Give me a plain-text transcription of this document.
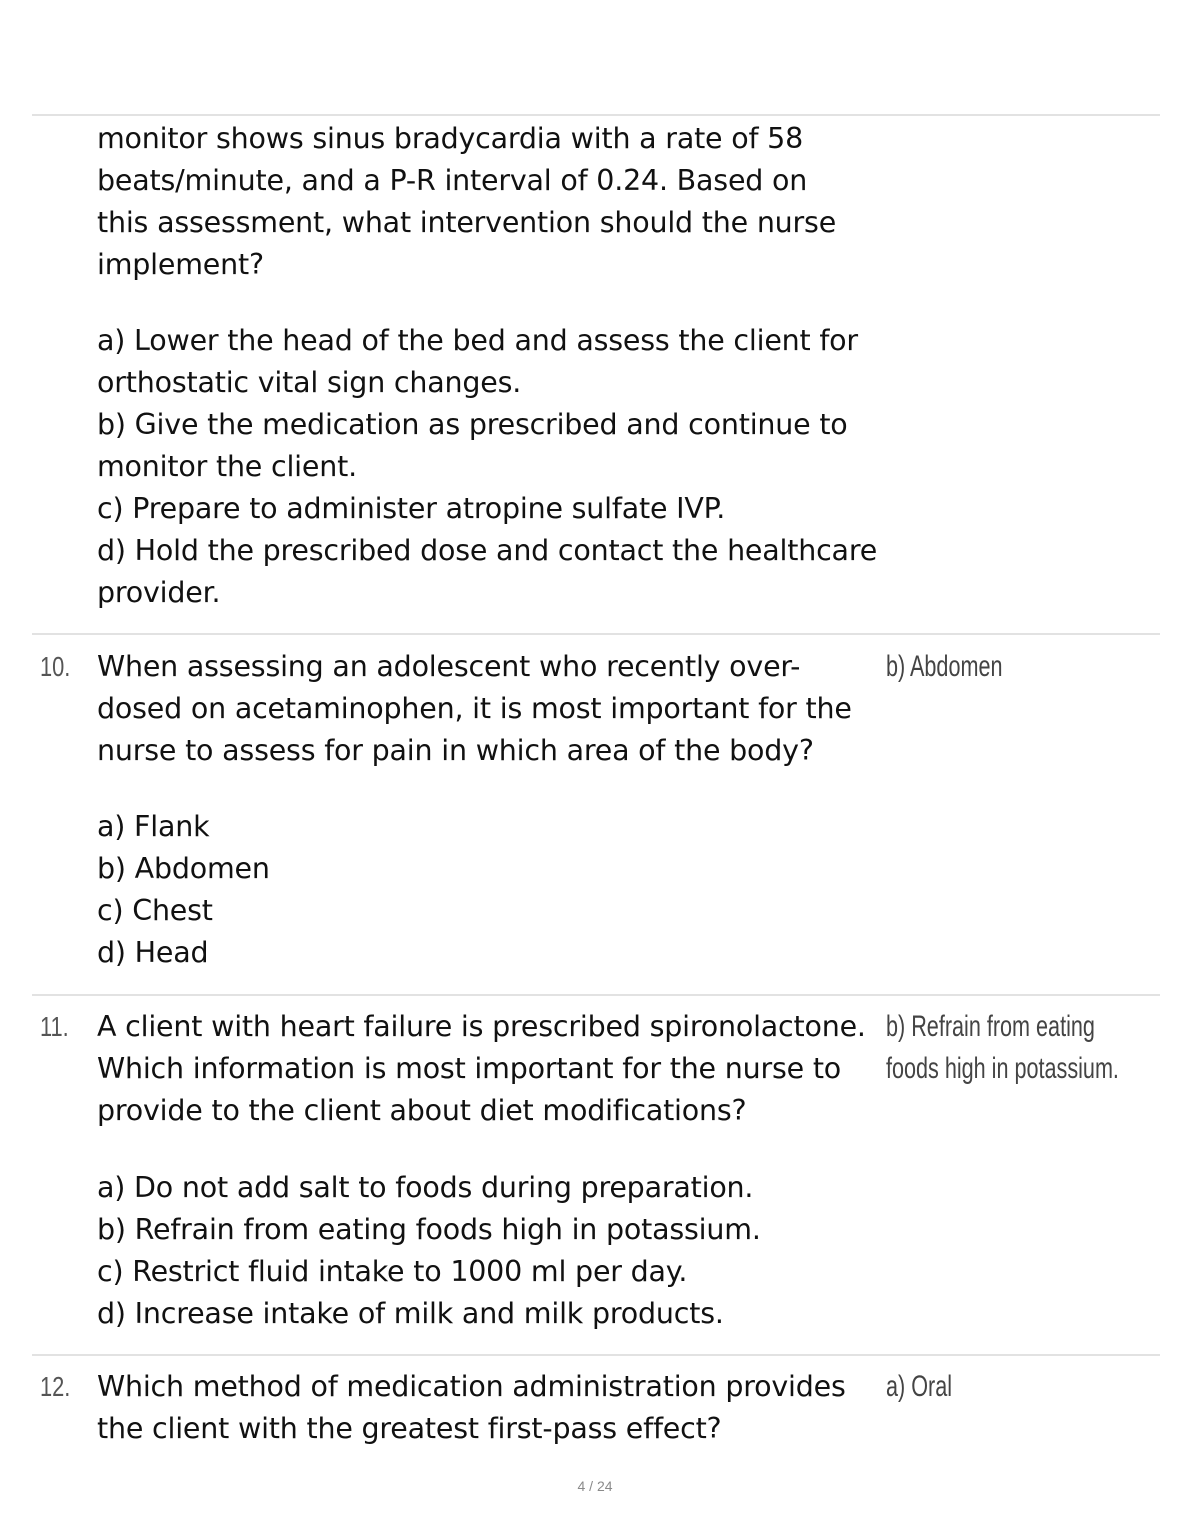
monitor shows sinus bradycardia with a rate of 58
beats/minute, and a P-R interval of 0.24. Based on
this assessment, what intervention should the nurse
implement?
a) Lower the head of the bed and assess the client for
orthostatic vital sign changes.
b) Give the medication as prescribed and continue to
monitor the client.
c) Prepare to administer atropine sulfate IVP.
d) Hold the prescribed dose and contact the healthcare
provider.
10. When assessing an adolescent who recently over-
dosed on acetaminophen, it is most important for the
nurse to assess for pain in which area of the body?
b) Abdomen
a) Flank
b) Abdomen
c) Chest
d) Head
11. A client with heart failure is prescribed spironolactone.
Which information is most important for the nurse to
provide to the client about diet modifications?
b) Refrain from eating
foods high in potassium.
a) Do not add salt to foods during preparation.
b) Refrain from eating foods high in potassium.
c) Restrict fluid intake to 1000 ml per day.
d) Increase intake of milk and milk products.
12. Which method of medication administration provides
the client with the greatest first-pass effect?
a) Oral
4 / 24
